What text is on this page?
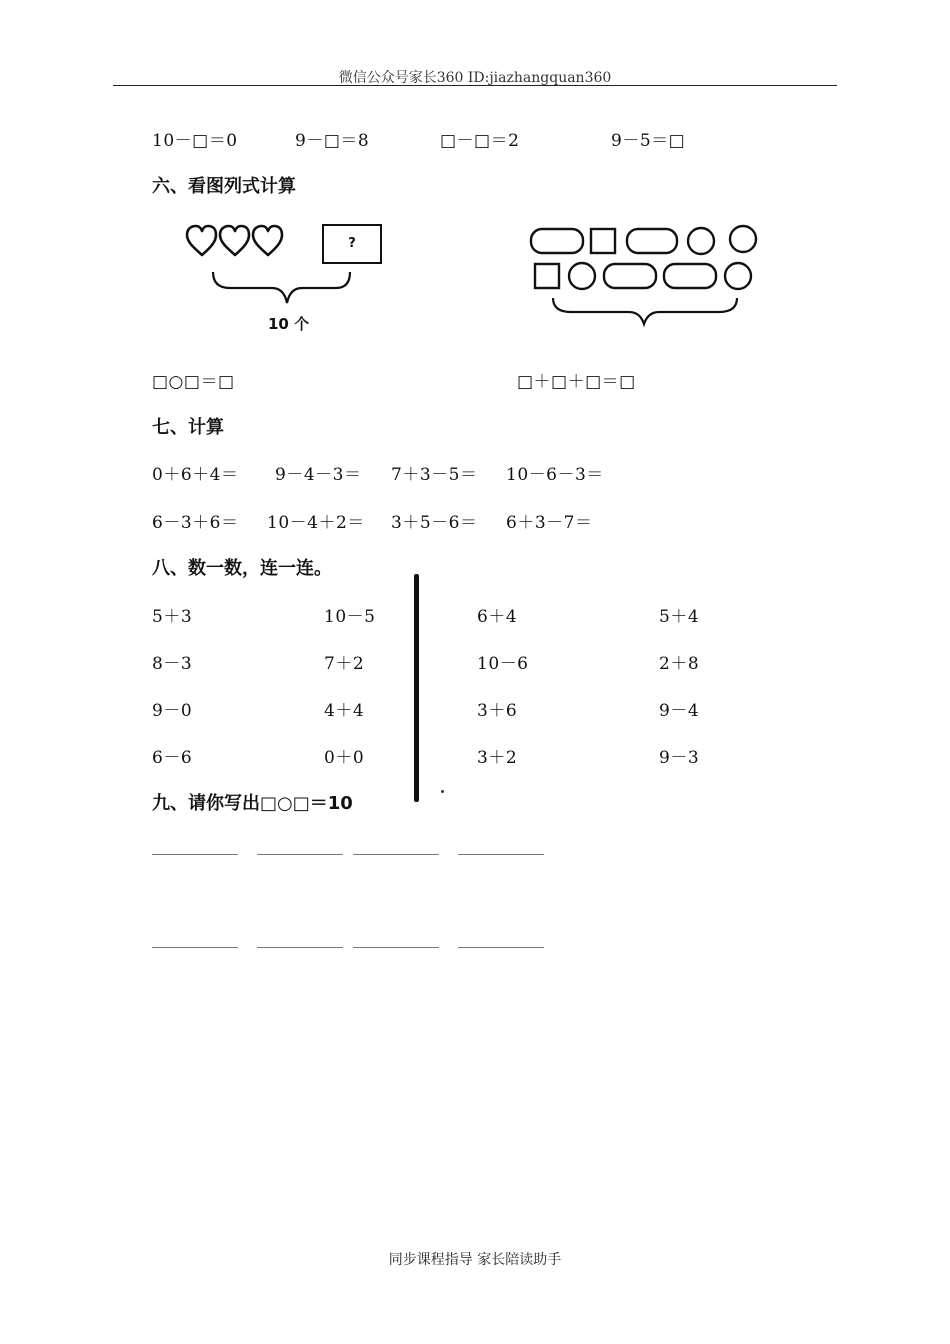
微信公众号家长360 ID:jiazhangquan360
10－□＝0	9－□＝8	□－□＝2	9－5＝□
六、看图列式计算
?
10 个
□○□＝□	□＋□＋□＝□
七、计算
0＋6＋4＝ 9－4－3＝ 7＋3－5＝ 10－6－3＝
6－3＋6＝ 10－4＋2＝ 3＋5－6＝ 6＋3－7＝
八、数一数，连一连。
5＋3	10－5	6＋4	5＋4
8－3	7＋2	10－6	2＋8
9－0	4＋4	3＋6	9－4
6－6	0＋0	3＋2	9－3
九、请你写出□○□＝10
同步课程指导 家长陪读助手
